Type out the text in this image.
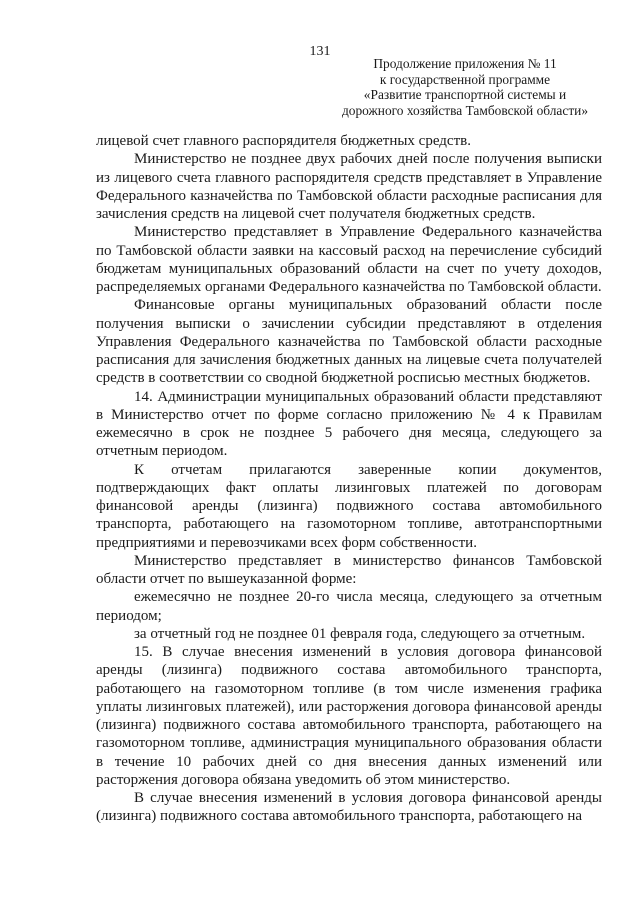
131
Продолжение приложения № 11
к государственной программе
«Развитие транспортной системы и
дорожного хозяйства Тамбовской области»

лицевой счет главного распорядителя бюджетных средств.

Министерство не позднее двух рабочих дней после получения выписки из лицевого счета главного распорядителя средств представляет в Управление Федерального казначейства по Тамбовской области расходные расписания для зачисления средств на лицевой счет получателя бюджетных средств.

Министерство представляет в Управление Федерального казначейства по Тамбовской области заявки на кассовый расход на перечисление субсидий бюджетам муниципальных образований области на счет по учету доходов, распределяемых органами Федерального казначейства по Тамбовской области.

Финансовые органы муниципальных образований области после получения выписки о зачислении субсидии представляют в отделения Управления Федерального казначейства по Тамбовской области расходные расписания для зачисления бюджетных данных на лицевые счета получателей средств в соответствии со сводной бюджетной росписью местных бюджетов.

14. Администрации муниципальных образований области представляют в Министерство отчет по форме согласно приложению № 4 к Правилам ежемесячно в срок не позднее 5 рабочего дня месяца, следующего за отчетным периодом.

К отчетам прилагаются заверенные копии документов, подтверждающих факт оплаты лизинговых платежей по договорам финансовой аренды (лизинга) подвижного состава автомобильного транспорта, работающего на газомоторном топливе, автотранспортными предприятиями и перевозчиками всех форм собственности.

Министерство представляет в министерство финансов Тамбовской области отчет по вышеуказанной форме:

ежемесячно не позднее 20-го числа месяца, следующего за отчетным периодом;

за отчетный год не позднее 01 февраля года, следующего за отчетным.

15. В случае внесения изменений в условия договора финансовой аренды (лизинга) подвижного состава автомобильного транспорта, работающего на газомоторном топливе (в том числе изменения графика уплаты лизинговых платежей), или расторжения договора финансовой аренды (лизинга) подвижного состава автомобильного транспорта, работающего на газомоторном топливе, администрация муниципального образования области в течение 10 рабочих дней со дня внесения данных изменений или расторжения договора обязана уведомить об этом министерство.

В случае внесения изменений в условия договора финансовой аренды (лизинга) подвижного состава автомобильного транспорта, работающего на
